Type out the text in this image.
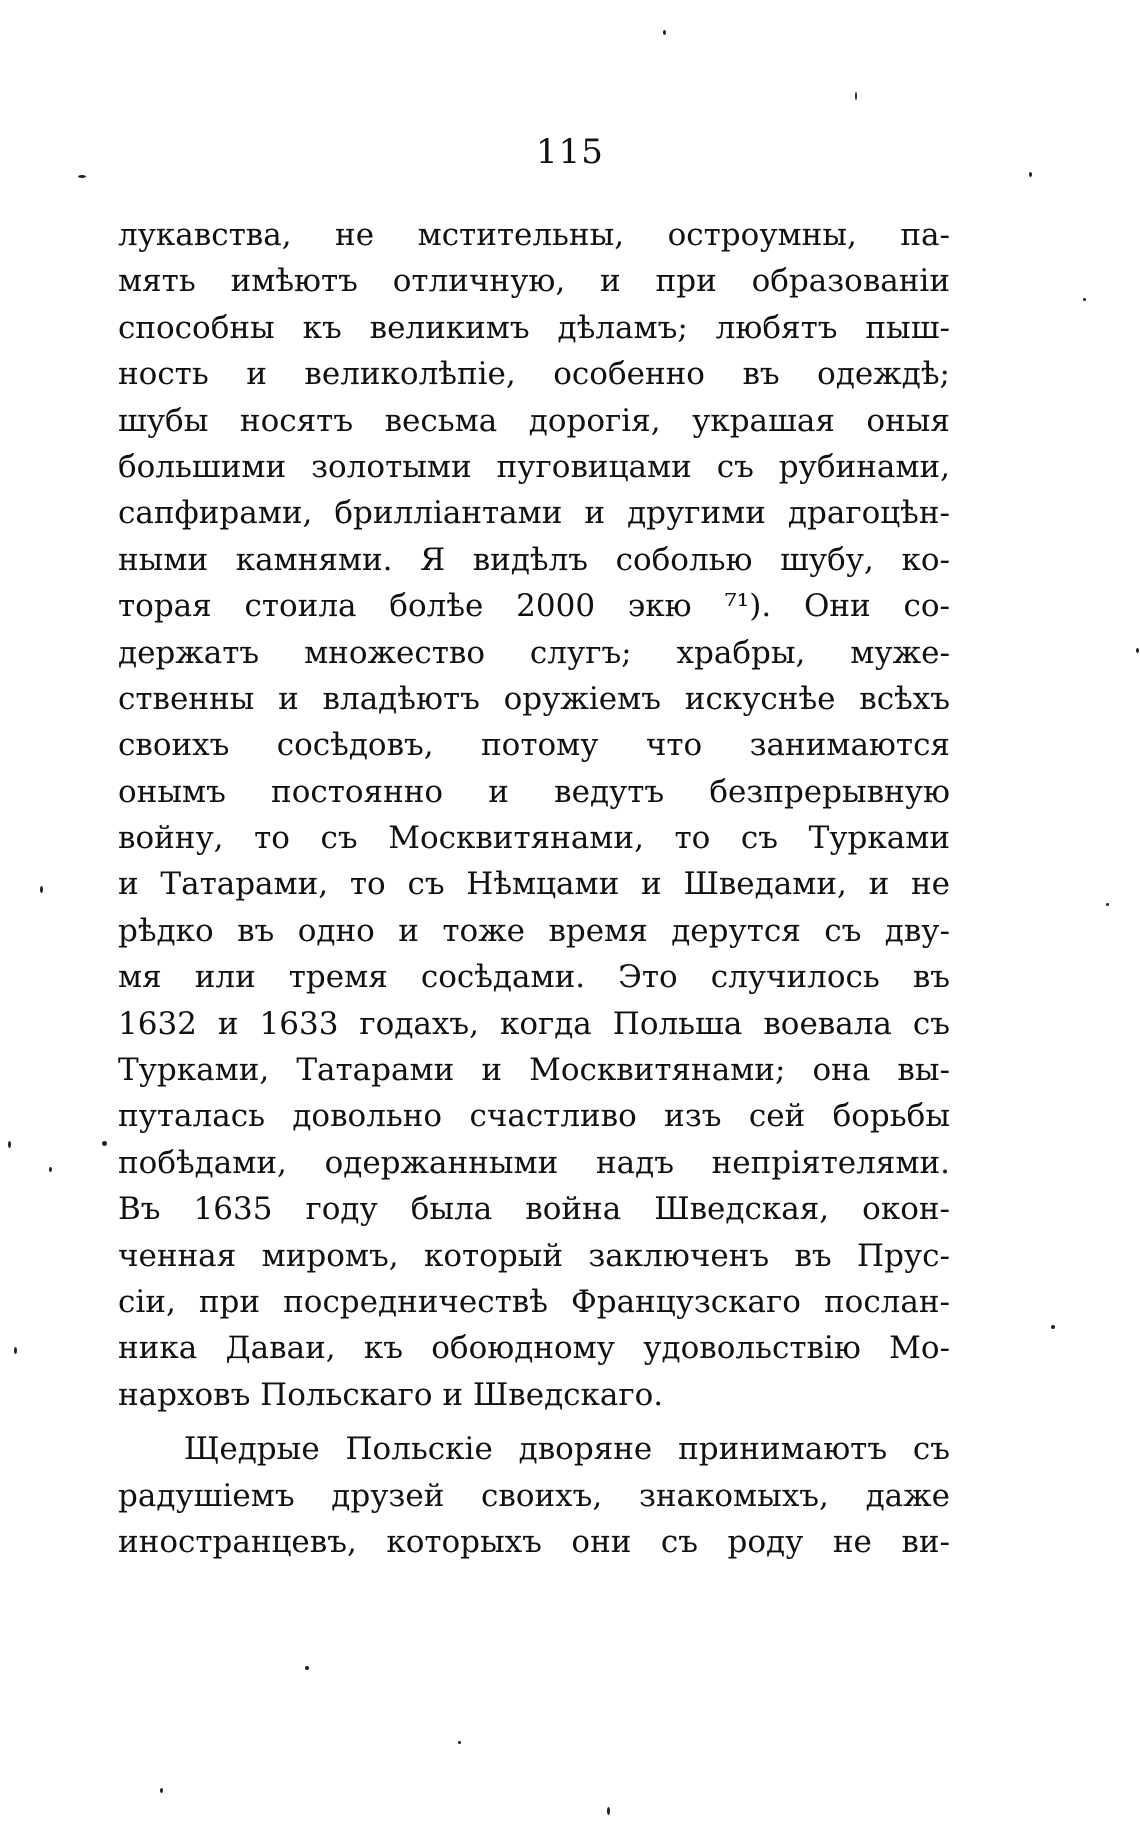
115
лукавства, не мстительны, остроумны, па-
мять имѣютъ отличную, и при образованіи
способны къ великимъ дѣламъ; любятъ пыш-
ность и великолѣпіе, особенно въ одеждѣ;
шубы носятъ весьма дорогія, украшая оныя
большими золотыми пуговицами съ рубинами,
сапфирами, брилліантами и другими драгоцѣн-
ными камнями. Я видѣлъ соболью шубу, ко-
торая стоила болѣе 2000 экю ⁷¹). Они со-
держатъ множество слугъ; храбры, муже-
ственны и владѣютъ оружіемъ искуснѣе всѣхъ
своихъ сосѣдовъ, потому что занимаются
онымъ постоянно и ведутъ безпрерывную
войну, то съ Москвитянами, то съ Турками
и Татарами, то съ Нѣмцами и Шведами, и не
рѣдко въ одно и тоже время дерутся съ дву-
мя или тремя сосѣдами. Это случилось въ
1632 и 1633 годахъ, когда Польша воевала съ
Турками, Татарами и Москвитянами; она вы-
путалась довольно счастливо изъ сей борьбы
побѣдами, одержанными надъ непріятелями.
Въ 1635 году была война Шведская, окон-
ченная миромъ, который заключенъ въ Прус-
сіи, при посредничествѣ Французскаго послан-
ника Даваи, къ обоюдному удовольствію Мо-
нарховъ Польскаго и Шведскаго.
Щедрые Польскіе дворяне принимаютъ съ
радушіемъ друзей своихъ, знакомыхъ, даже
иностранцевъ, которыхъ они съ роду не ви-
